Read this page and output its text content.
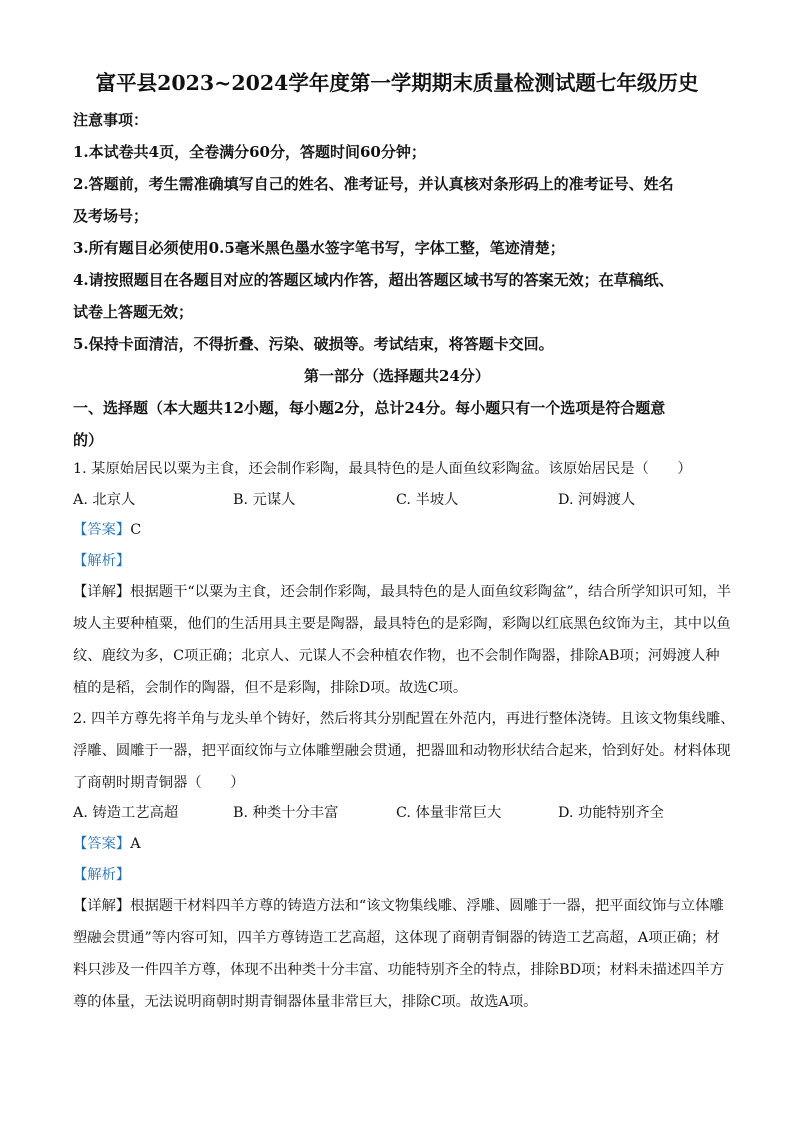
富平县2023~2024学年度第一学期期末质量检测试题七年级历史
注意事项：
1.本试卷共4页，全卷满分60分，答题时间60分钟；
2.答题前，考生需准确填写自己的姓名、准考证号，并认真核对条形码上的准考证号、姓名
及考场号；
3.所有题目必须使用0.5毫米黑色墨水签字笔书写，字体工整，笔迹清楚；
4.请按照题目在各题目对应的答题区域内作答，超出答题区域书写的答案无效；在草稿纸、
试卷上答题无效；
5.保持卡面清洁，不得折叠、污染、破损等。考试结束，将答题卡交回。
第一部分（选择题共24分）
一、选择题（本大题共12小题，每小题2分，总计24分。每小题只有一个选项是符合题意
的）
1. 某原始居民以粟为主食，还会制作彩陶，最具特色的是人面鱼纹彩陶盆。该原始居民是（　　）
A. 北京人	B. 元谋人	C. 半坡人	D. 河姆渡人
【答案】C
【解析】
【详解】根据题干“以粟为主食，还会制作彩陶，最具特色的是人面鱼纹彩陶盆”，结合所学知识可知，半
坡人主要种植粟，他们的生活用具主要是陶器，最具特色的是彩陶，彩陶以红底黑色纹饰为主，其中以鱼
纹、鹿纹为多，C项正确；北京人、元谋人不会种植农作物，也不会制作陶器，排除AB项；河姆渡人种
植的是稻，会制作的陶器，但不是彩陶，排除D项。故选C项。
2. 四羊方尊先将羊角与龙头单个铸好，然后将其分别配置在外范内，再进行整体浇铸。且该文物集线雕、
浮雕、圆雕于一器，把平面纹饰与立体雕塑融会贯通，把器皿和动物形状结合起来，恰到好处。材料体现
了商朝时期青铜器（　　）
A. 铸造工艺高超	B. 种类十分丰富	C. 体量非常巨大	D. 功能特别齐全
【答案】A
【解析】
【详解】根据题干材料四羊方尊的铸造方法和“该文物集线雕、浮雕、圆雕于一器，把平面纹饰与立体雕
塑融会贯通”等内容可知，四羊方尊铸造工艺高超，这体现了商朝青铜器的铸造工艺高超，A项正确；材
料只涉及一件四羊方尊，体现不出种类十分丰富、功能特别齐全的特点，排除BD项；材料未描述四羊方
尊的体量，无法说明商朝时期青铜器体量非常巨大，排除C项。故选A项。
